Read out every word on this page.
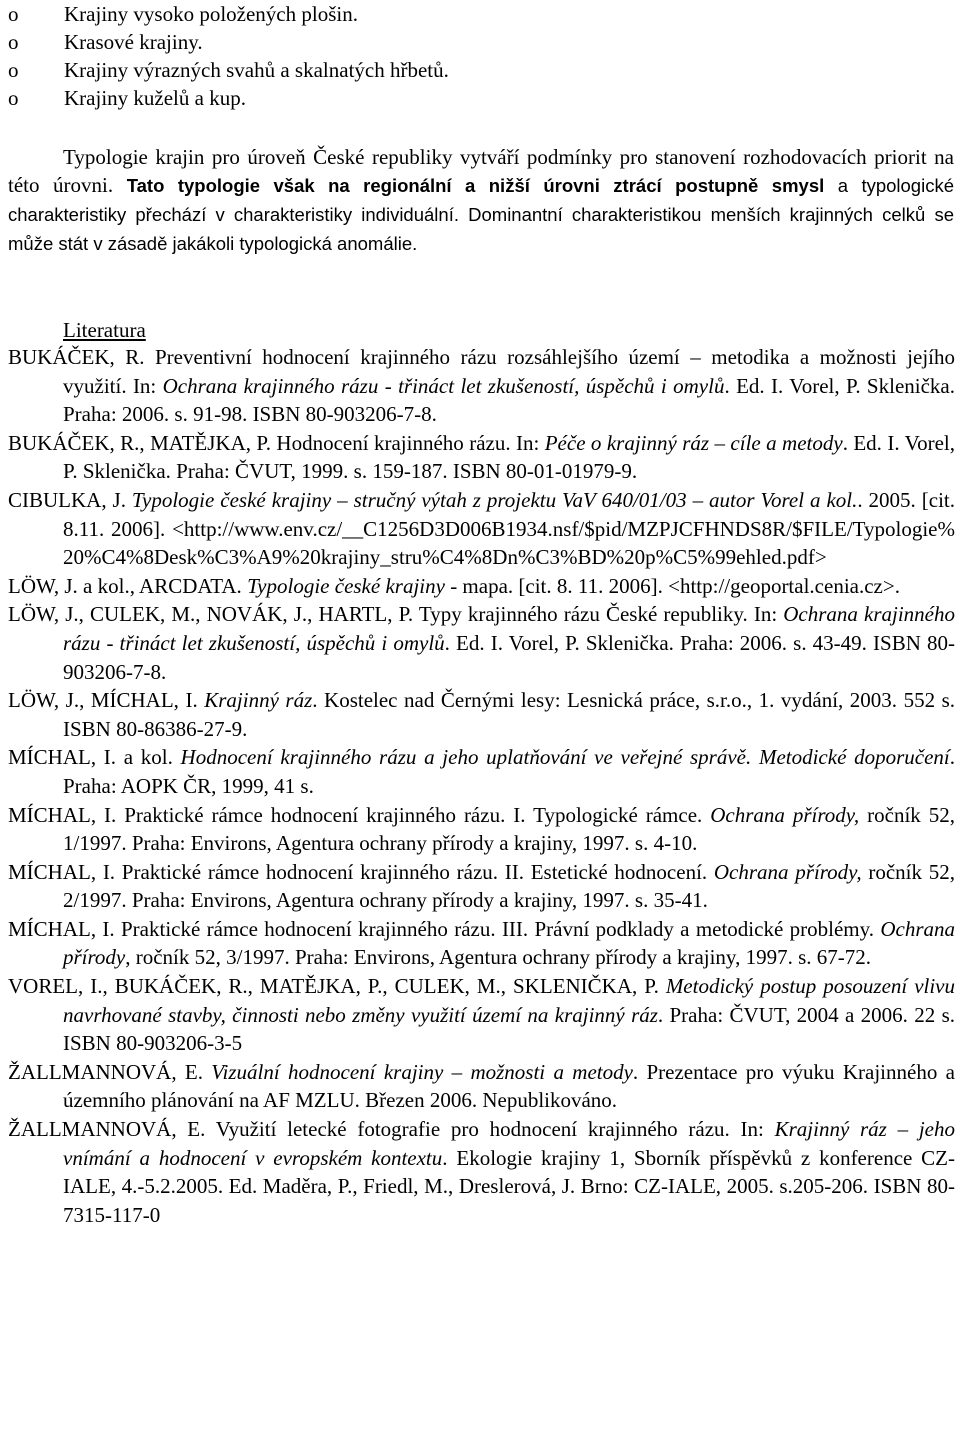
o Krajiny vysoko položených plošin.
o Krasové krajiny.
o Krajiny výrazných svahů a skalnatých hřbetů.
o Krajiny kuželů a kup.
Typologie krajin pro úroveň České republiky vytváří podmínky pro stanovení rozhodovacích priorit na této úrovni. Tato typologie však na regionální a nižší úrovni ztrácí postupně smysl a typologické charakteristiky přechází v charakteristiky individuální. Dominantní charakteristikou menších krajinných celků se může stát v zásadě jakákoli typologická anomálie.
Literatura
BUKÁČEK, R. Preventivní hodnocení krajinného rázu rozsáhlejšího území – metodika a možnosti jejího využití. In: Ochrana krajinného rázu - třináct let zkušeností, úspěchů i omylů. Ed. I. Vorel, P. Sklenička. Praha: 2006. s. 91-98. ISBN 80-903206-7-8.
BUKÁČEK, R., MATĚJKA, P. Hodnocení krajinného rázu. In: Péče o krajinný ráz – cíle a metody. Ed. I. Vorel, P. Sklenička. Praha: ČVUT, 1999. s. 159-187. ISBN 80-01-01979-9.
CIBULKA, J. Typologie české krajiny – stručný výtah z projektu VaV 640/01/03 – autor Vorel a kol.. 2005. [cit. 8.11. 2006]. <http://www.env.cz/__C1256D3D006B1934.nsf/$pid/MZPJCFHNDS8R/$FILE/Typologie%20%C4%8Desk%C3%A9%20krajiny_stru%C4%8Dn%C3%BD%20p%C5%99ehled.pdf>
LÖW, J. a kol., ARCDATA. Typologie české krajiny - mapa. [cit. 8. 11. 2006]. <http://geoportal.cenia.cz>.
LÖW, J., CULEK, M., NOVÁK, J., HARTL, P. Typy krajinného rázu České republiky. In: Ochrana krajinného rázu - třináct let zkušeností, úspěchů i omylů. Ed. I. Vorel, P. Sklenička. Praha: 2006. s. 43-49. ISBN 80-903206-7-8.
LÖW, J., MÍCHAL, I. Krajinný ráz. Kostelec nad Černými lesy: Lesnická práce, s.r.o., 1. vydání, 2003. 552 s. ISBN 80-86386-27-9.
MÍCHAL, I. a kol. Hodnocení krajinného rázu a jeho uplatňování ve veřejné správě. Metodické doporučení. Praha: AOPK ČR, 1999, 41 s.
MÍCHAL, I. Praktické rámce hodnocení krajinného rázu. I. Typologické rámce. Ochrana přírody, ročník 52, 1/1997. Praha: Environs, Agentura ochrany přírody a krajiny, 1997. s. 4-10.
MÍCHAL, I. Praktické rámce hodnocení krajinného rázu. II. Estetické hodnocení. Ochrana přírody, ročník 52, 2/1997. Praha: Environs, Agentura ochrany přírody a krajiny, 1997. s. 35-41.
MÍCHAL, I. Praktické rámce hodnocení krajinného rázu. III. Právní podklady a metodické problémy. Ochrana přírody, ročník 52, 3/1997. Praha: Environs, Agentura ochrany přírody a krajiny, 1997. s. 67-72.
VOREL, I., BUKÁČEK, R., MATĚJKA, P., CULEK, M., SKLENIČKA, P. Metodický postup posouzení vlivu navrhované stavby, činnosti nebo změny využití území na krajinný ráz. Praha: ČVUT, 2004 a 2006. 22 s. ISBN 80-903206-3-5
ŽALLMANNOVÁ, E. Vizuální hodnocení krajiny – možnosti a metody. Prezentace pro výuku Krajinného a územního plánování na AF MZLU. Březen 2006. Nepublikováno.
ŽALLMANNOVÁ, E. Využití letecké fotografie pro hodnocení krajinného rázu. In: Krajinný ráz – jeho vnímání a hodnocení v evropském kontextu. Ekologie krajiny 1, Sborník příspěvků z konference CZ-IALE, 4.-5.2.2005. Ed. Maděra, P., Friedl, M., Dreslerová, J. Brno: CZ-IALE, 2005. s.205-206. ISBN 80-7315-117-0
